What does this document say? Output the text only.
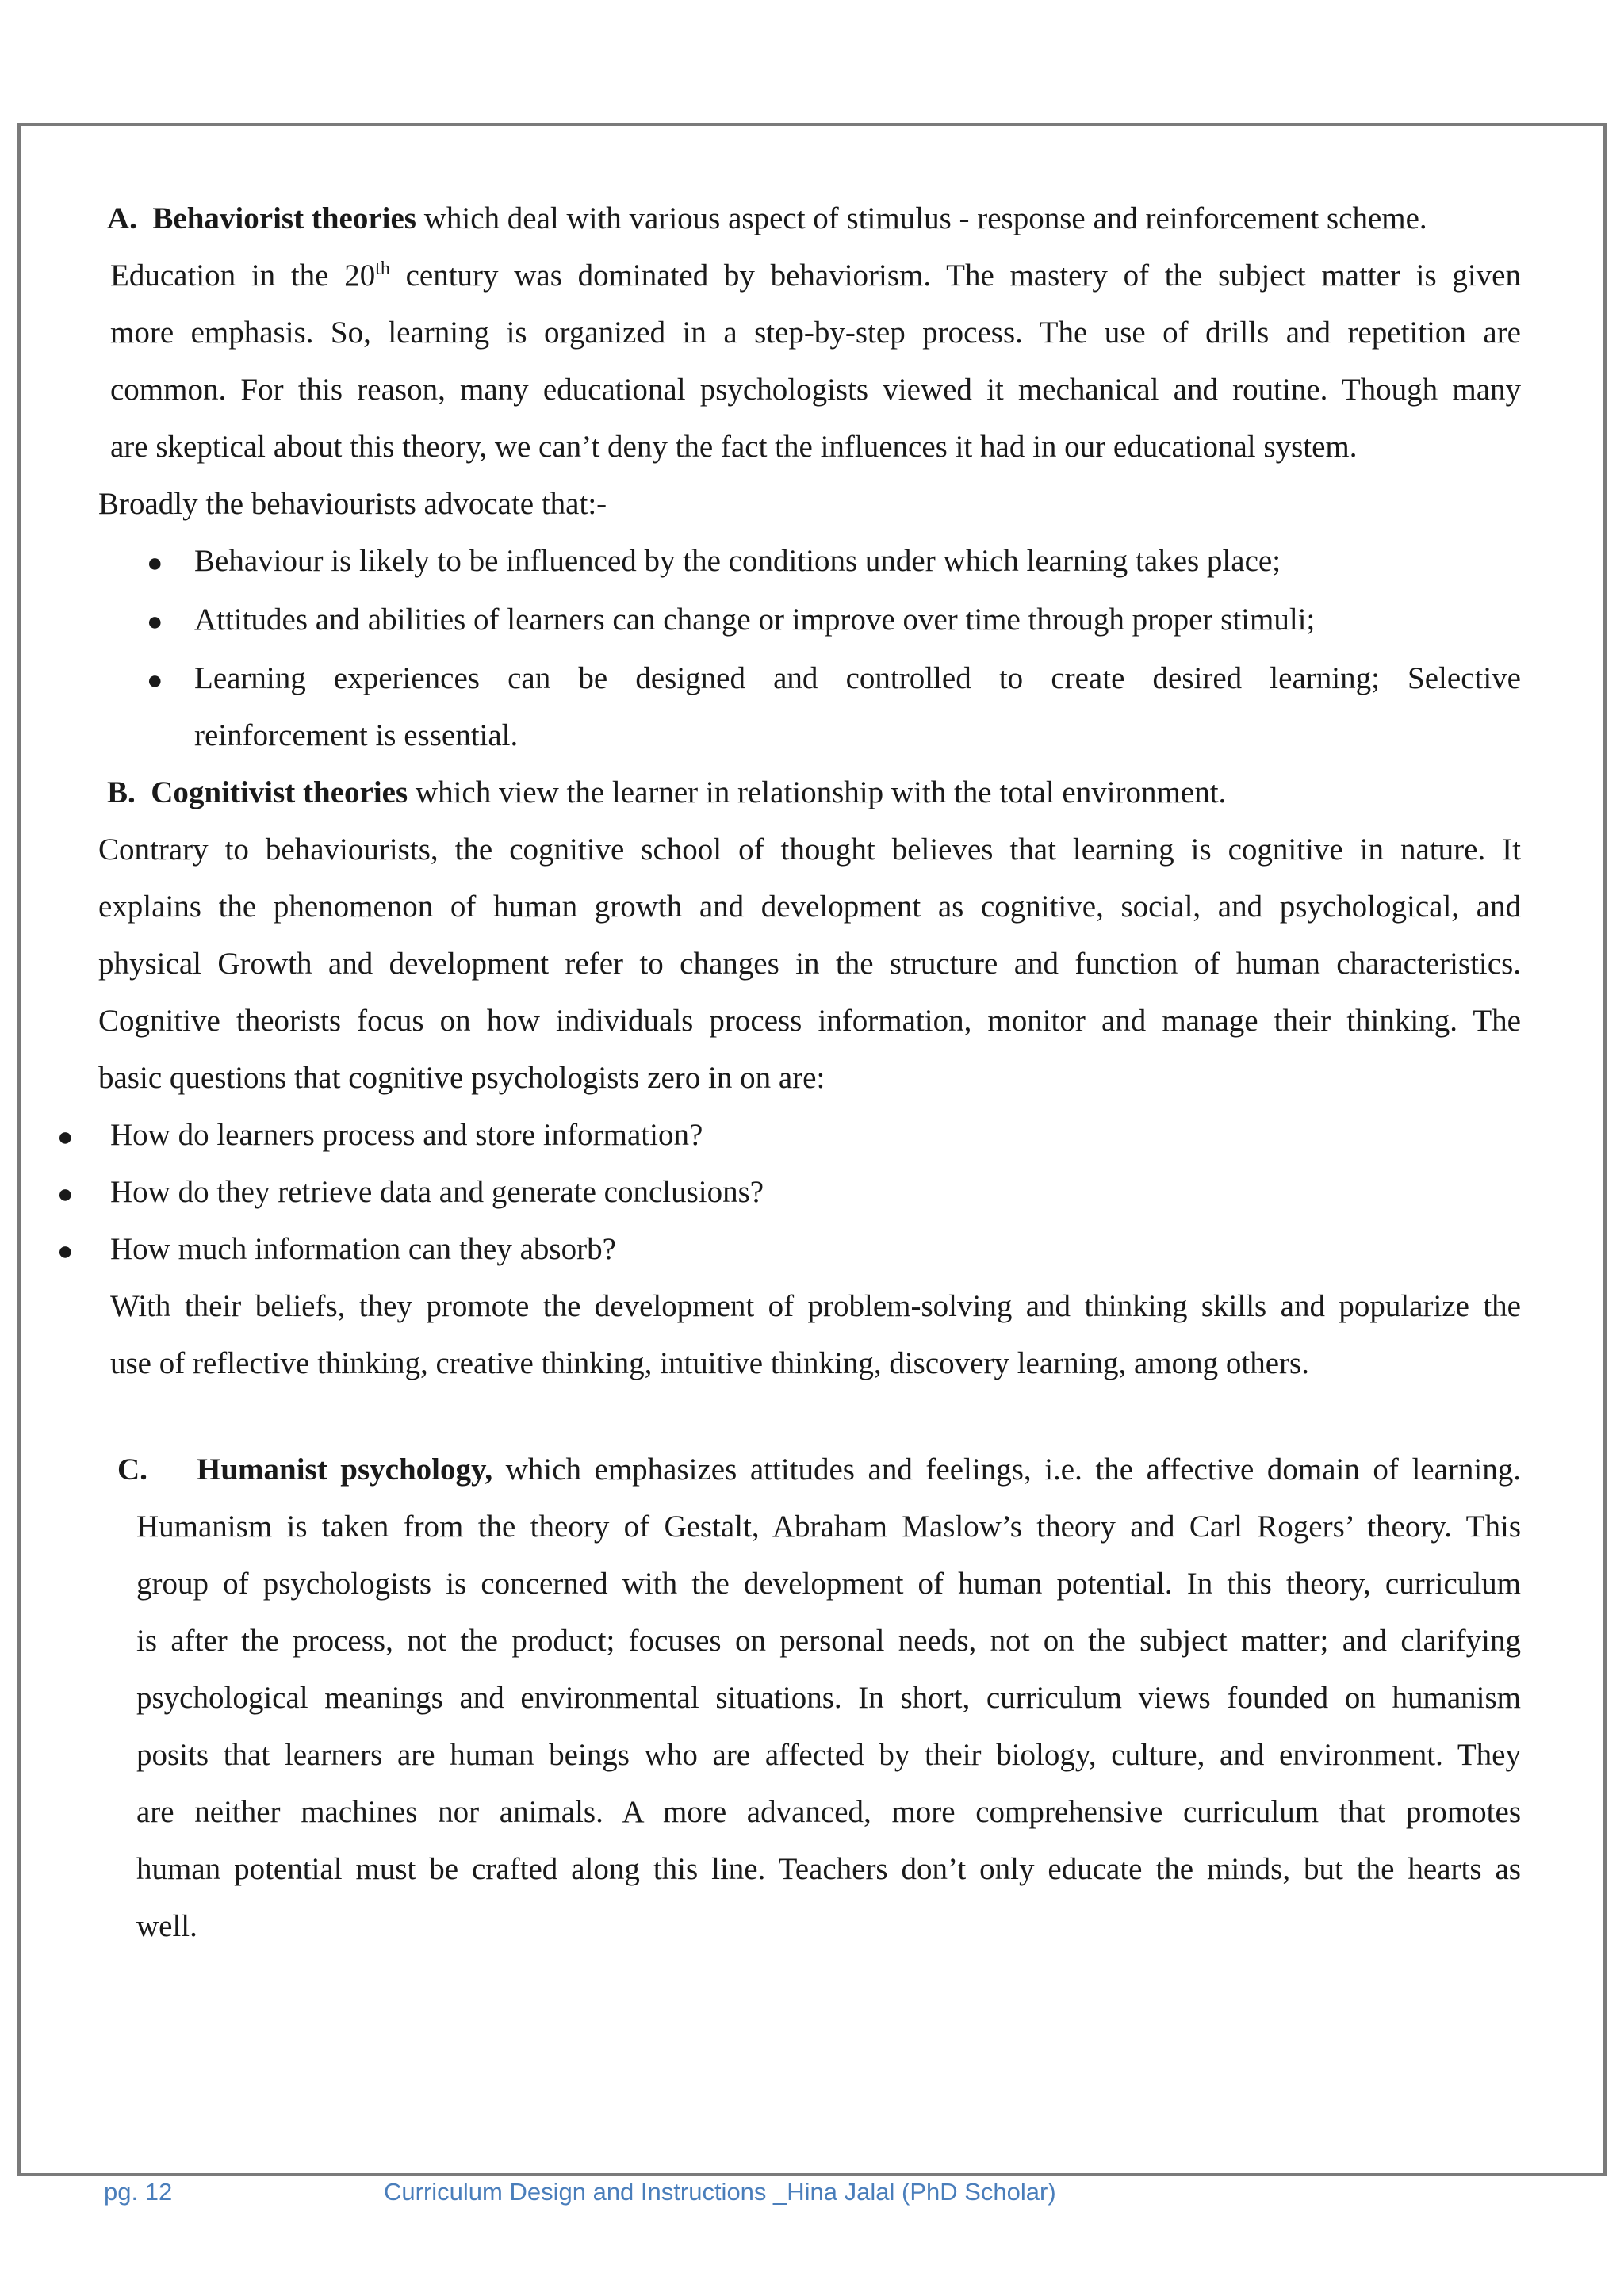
A. Behaviorist theories which deal with various aspect of stimulus - response and reinforcement scheme.
Education in the 20th century was dominated by behaviorism. The mastery of the subject matter is given
more emphasis. So, learning is organized in a step-by-step process. The use of drills and repetition are
common. For this reason, many educational psychologists viewed it mechanical and routine. Though many
are skeptical about this theory, we can’t deny the fact the influences it had in our educational system.
Broadly the behaviourists advocate that:-
● Behaviour is likely to be influenced by the conditions under which learning takes place;
● Attitudes and abilities of learners can change or improve over time through proper stimuli;
● Learning experiences can be designed and controlled to create desired learning; Selective
reinforcement is essential.
B. Cognitivist theories which view the learner in relationship with the total environment.
Contrary to behaviourists, the cognitive school of thought believes that learning is cognitive in nature. It
explains the phenomenon of human growth and development as cognitive, social, and psychological, and
physical Growth and development refer to changes in the structure and function of human characteristics.
Cognitive theorists focus on how individuals process information, monitor and manage their thinking. The
basic questions that cognitive psychologists zero in on are:
● How do learners process and store information?
● How do they retrieve data and generate conclusions?
● How much information can they absorb?
With their beliefs, they promote the development of problem-solving and thinking skills and popularize the
use of reflective thinking, creative thinking, intuitive thinking, discovery learning, among others.
C. Humanist psychology, which emphasizes attitudes and feelings, i.e. the affective domain of learning.
Humanism is taken from the theory of Gestalt, Abraham Maslow’s theory and Carl Rogers’ theory. This
group of psychologists is concerned with the development of human potential. In this theory, curriculum
is after the process, not the product; focuses on personal needs, not on the subject matter; and clarifying
psychological meanings and environmental situations. In short, curriculum views founded on humanism
posits that learners are human beings who are affected by their biology, culture, and environment. They
are neither machines nor animals. A more advanced, more comprehensive curriculum that promotes
human potential must be crafted along this line. Teachers don’t only educate the minds, but the hearts as
well.
pg. 12	Curriculum Design and Instructions _Hina Jalal (PhD Scholar)
